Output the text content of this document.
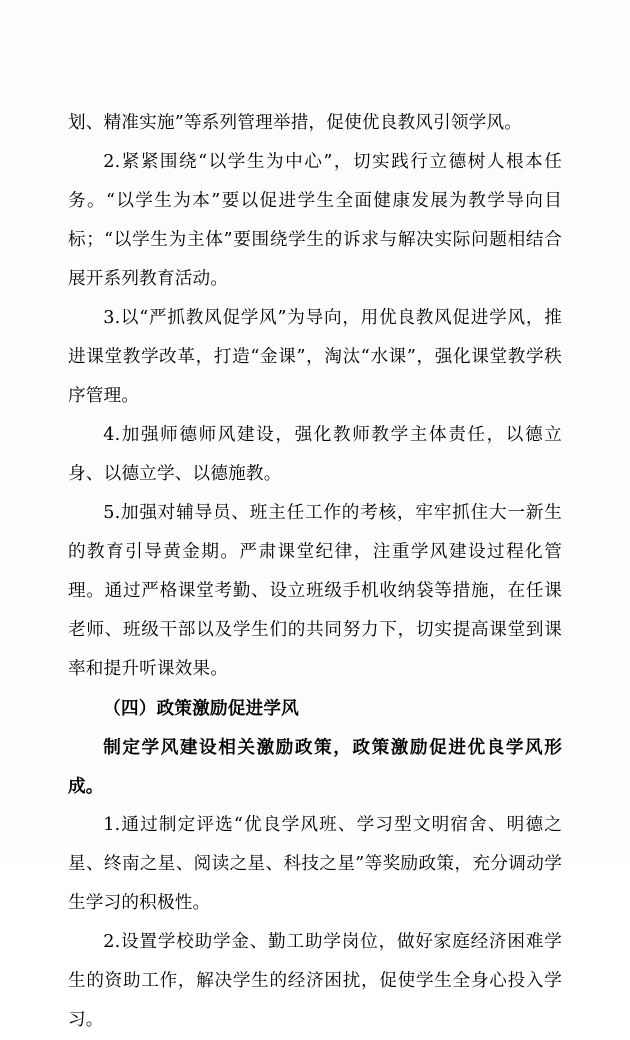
划、精准实施”等系列管理举措，促使优良教风引领学风。

2.紧紧围绕“以学生为中心”，切实践行立德树人根本任务。“以学生为本”要以促进学生全面健康发展为教学导向目标；“以学生为主体”要围绕学生的诉求与解决实际问题相结合展开系列教育活动。

3.以“严抓教风促学风”为导向，用优良教风促进学风，推进课堂教学改革，打造“金课”，淘汰“水课”，强化课堂教学秩序管理。

4.加强师德师风建设，强化教师教学主体责任，以德立身、以德立学、以德施教。

5.加强对辅导员、班主任工作的考核，牢牢抓住大一新生的教育引导黄金期。严肃课堂纪律，注重学风建设过程化管理。通过严格课堂考勤、设立班级手机收纳袋等措施，在任课老师、班级干部以及学生们的共同努力下，切实提高课堂到课率和提升听课效果。

（四）政策激励促进学风

制定学风建设相关激励政策，政策激励促进优良学风形成。

1.通过制定评选“优良学风班、学习型文明宿舍、明德之星、终南之星、阅读之星、科技之星”等奖励政策，充分调动学生学习的积极性。

2.设置学校助学金、勤工助学岗位，做好家庭经济困难学生的资助工作，解决学生的经济困扰，促使学生全身心投入学习。
